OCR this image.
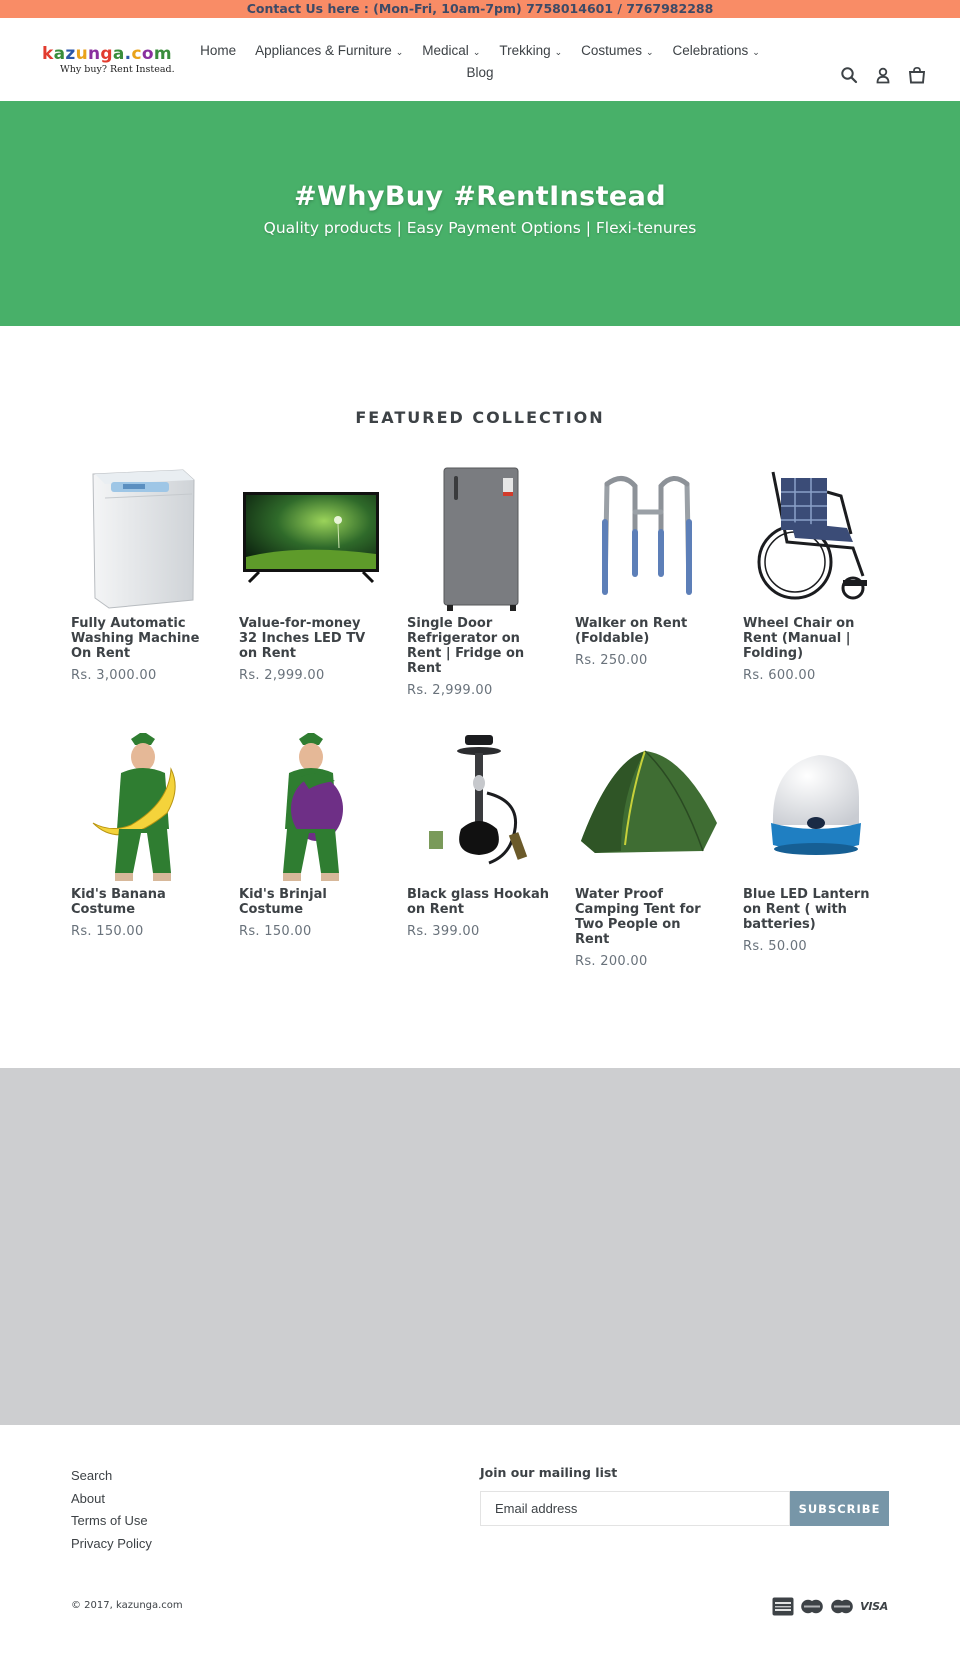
Contact Us here : (Mon-Fri, 10am-7pm) 7758014601 / 7767982288
kazunga.com
Why buy? Rent Instead.
Home Appliances & Furniture ⌄ Medical ⌄ Trekking ⌄ Costumes ⌄ Celebrations ⌄
Blog
#WhyBuy #RentInstead

Quality products | Easy Payment Options | Flexi-tenures

FEATURED COLLECTION
Fully Automatic Washing Machine On Rent
Rs. 3,000.00
Value-for-money 32 Inches LED TV on Rent
Rs. 2,999.00
Single Door Refrigerator on Rent | Fridge on Rent
Rs. 2,999.00
Walker on Rent (Foldable)
Rs. 250.00
Wheel Chair on Rent (Manual | Folding)
Rs. 600.00
Kid's Banana Costume
Rs. 150.00
Kid's Brinjal Costume
Rs. 150.00
Black glass Hookah on Rent
Rs. 399.00
Water Proof Camping Tent for Two People on Rent
Rs. 200.00
Blue LED Lantern on Rent ( with batteries)
Rs. 50.00
Search
About
Terms of Use
Privacy Policy
Join our mailing list
Email address
SUBSCRIBE
© 2017, kazunga.com	VISA
